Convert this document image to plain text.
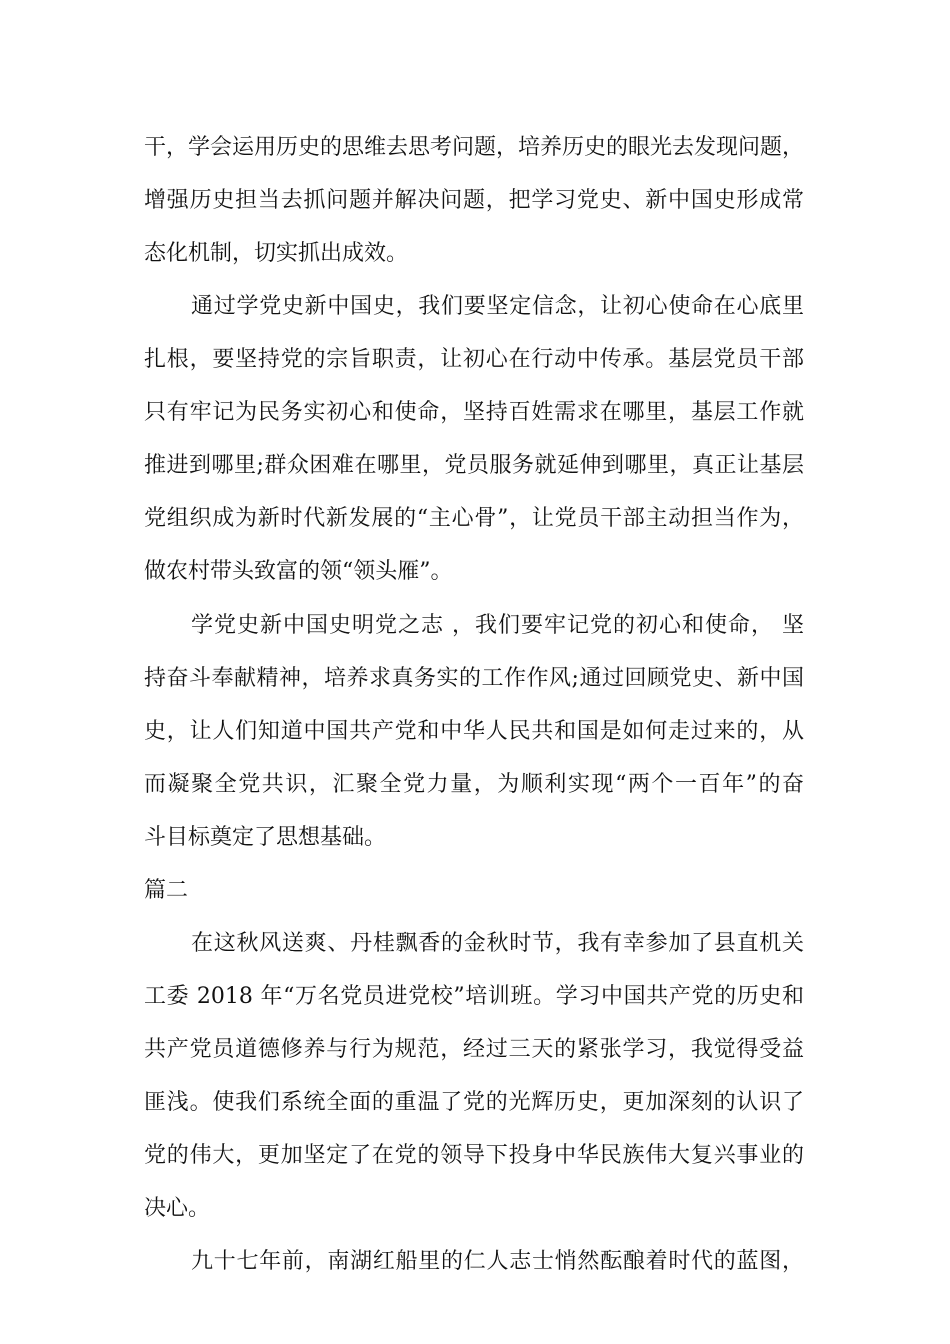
干，学会运用历史的思维去思考问题，培养历史的眼光去发现问题，
增强历史担当去抓问题并解决问题，把学习党史、新中国史形成常
态化机制，切实抓出成效。
通过学党史新中国史，我们要坚定信念，让初心使命在心底里
扎根，要坚持党的宗旨职责，让初心在行动中传承。基层党员干部
只有牢记为民务实初心和使命，坚持百姓需求在哪里，基层工作就
推进到哪里;群众困难在哪里，党员服务就延伸到哪里，真正让基层
党组织成为新时代新发展的“主心骨”，让党员干部主动担当作为，
做农村带头致富的领“领头雁”。
学党史新中国史明党之志 ，我们要牢记党的初心和使命， 坚
持奋斗奉献精神，培养求真务实的工作作风;通过回顾党史、新中国
史，让人们知道中国共产党和中华人民共和国是如何走过来的，从
而凝聚全党共识，汇聚全党力量，为顺利实现“两个一百年”的奋
斗目标奠定了思想基础。
篇二
在这秋风送爽、丹桂飘香的金秋时节，我有幸参加了县直机关
工委 2018 年“万名党员进党校”培训班。学习中国共产党的历史和
共产党员道德修养与行为规范，经过三天的紧张学习，我觉得受益
匪浅。使我们系统全面的重温了党的光辉历史，更加深刻的认识了
党的伟大，更加坚定了在党的领导下投身中华民族伟大复兴事业的
决心。
九十七年前，南湖红船里的仁人志士悄然酝酿着时代的蓝图，
